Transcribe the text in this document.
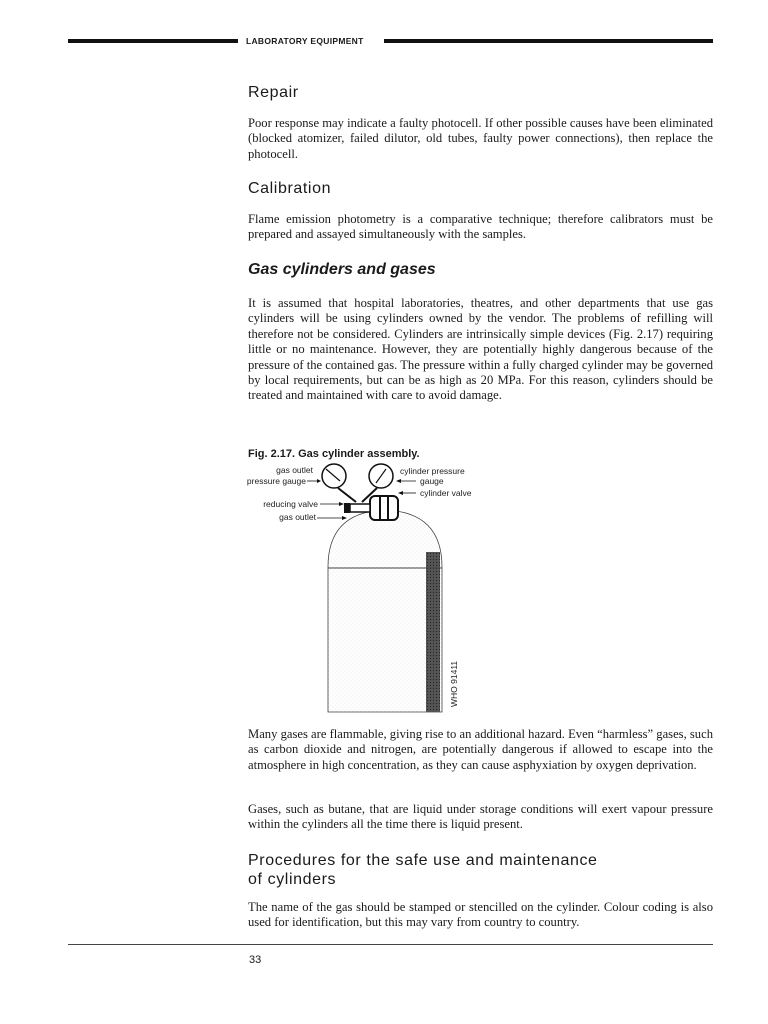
LABORATORY EQUIPMENT
Repair

Poor response may indicate a faulty photocell. If other possible causes have been eliminated (blocked atomizer, failed dilutor, old tubes, faulty power connections), then replace the photocell.

Calibration

Flame emission photometry is a comparative technique; therefore calibrators must be prepared and assayed simultaneously with the samples.

Gas cylinders and gases

It is assumed that hospital laboratories, theatres, and other departments that use gas cylinders will be using cylinders owned by the vendor. The problems of refilling will therefore not be considered. Cylinders are intrinsically simple devices (Fig. 2.17) requiring little or no maintenance. However, they are potentially highly dangerous because of the pressure of the contained gas. The pressure within a fully charged cylinder may be governed by local requirements, but can be as high as 20 MPa. For this reason, cylinders should be treated and maintained with care to avoid damage.

Fig. 2.17. Gas cylinder assembly.
gas outlet
pressure gauge
reducing valve
gas outlet
cylinder pressure
gauge
cylinder valve
WHO 91411

Many gases are flammable, giving rise to an additional hazard. Even “harmless” gases, such as carbon dioxide and nitrogen, are potentially dangerous if allowed to escape into the atmosphere in high concentration, as they can cause asphyxiation by oxygen deprivation.

Gases, such as butane, that are liquid under storage conditions will exert vapour pressure within the cylinders all the time there is liquid present.

Procedures for the safe use and maintenance
of cylinders

The name of the gas should be stamped or stencilled on the cylinder. Colour coding is also used for identification, but this may vary from country to country.

33
